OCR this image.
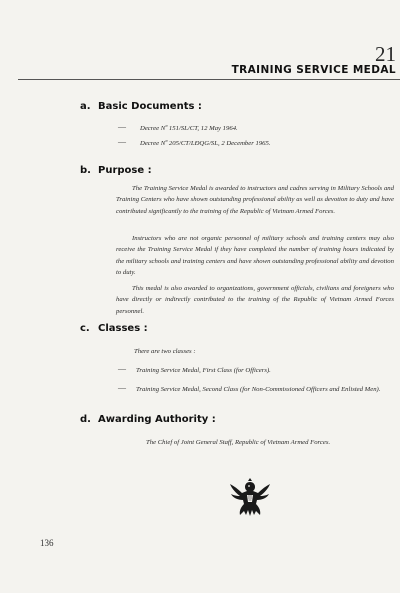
21
TRAINING SERVICE MEDAL
a. Basic Documents :
— Decree Nº 151/SL/CT, 12 May 1964.
— Decree Nº 205/CT/LĐQG/SL, 2 December 1965.
b. Purpose :
The Training Service Medal is awarded to instructors and cadres serving in Military Schools and Training Centers who have shown outstanding professional ability as well as devotion to duty and have contributed significantly to the training of the Republic of Vietnam Armed Forces.
Instructors who are not organic personnel of military schools and training centers may also receive the Training Service Medal if they have completed the number of training hours indicated by the military schools and training centers and have shown outstanding professional ability and devotion to duty.
This medal is also awarded to organizations, government officials, civilians and foreigners who have directly or indirectly contributed to the training of the Republic of Vietnam Armed Forces personnel.
c. Classes :
There are two classes :
— Training Service Medal, First Class (for Officers).
— Training Service Medal, Second Class (for Non-Commissioned Officers and Enlisted Men).
d. Awarding Authority :
The Chief of Joint General Staff, Republic of Vietnam Armed Forces.
136
